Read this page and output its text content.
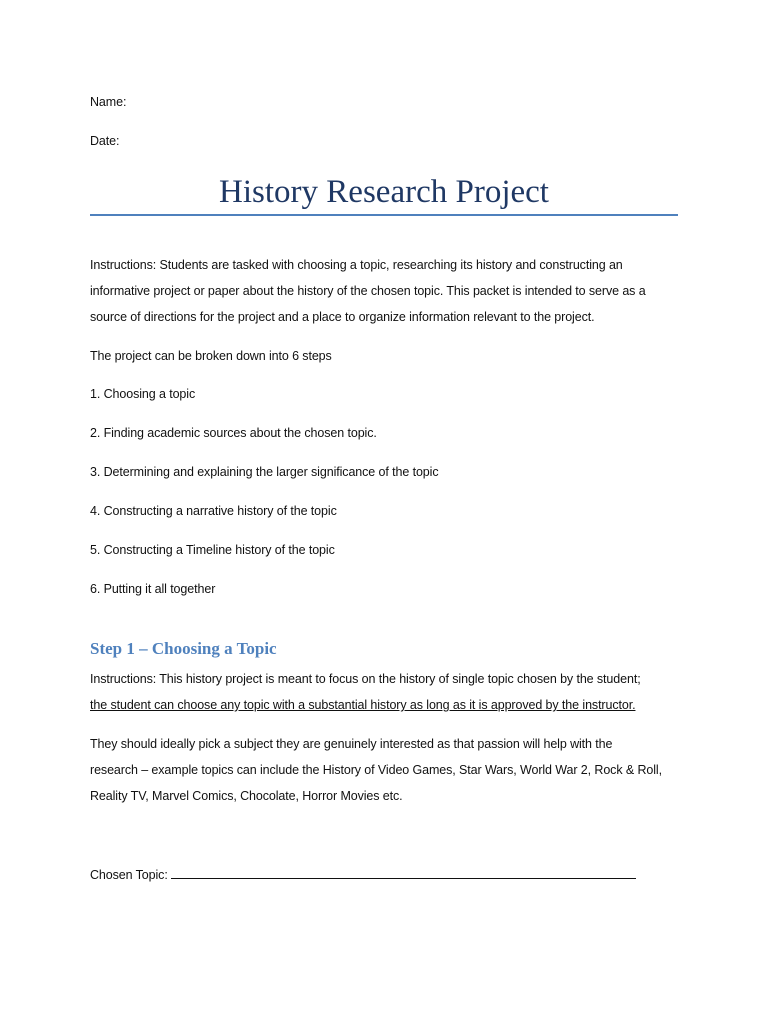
Name:
Date:
History Research Project
Instructions: Students are tasked with choosing a topic, researching its history and constructing an
informative project or paper about the history of the chosen topic. This packet is intended to serve as a
source of directions for the project and a place to organize information relevant to the project.
The project can be broken down into 6 steps
1. Choosing a topic
2. Finding academic sources about the chosen topic.
3. Determining and explaining the larger significance of the topic
4. Constructing a narrative history of the topic
5. Constructing a Timeline history of the topic
6. Putting it all together
Step 1 – Choosing a Topic
Instructions: This history project is meant to focus on the history of single topic chosen by the student;
the student can choose any topic with a substantial history as long as it is approved by the instructor.
They should ideally pick a subject they are genuinely interested as that passion will help with the
research – example topics can include the History of Video Games, Star Wars, World War 2, Rock & Roll,
Reality TV, Marvel Comics, Chocolate, Horror Movies etc.
Chosen Topic:
